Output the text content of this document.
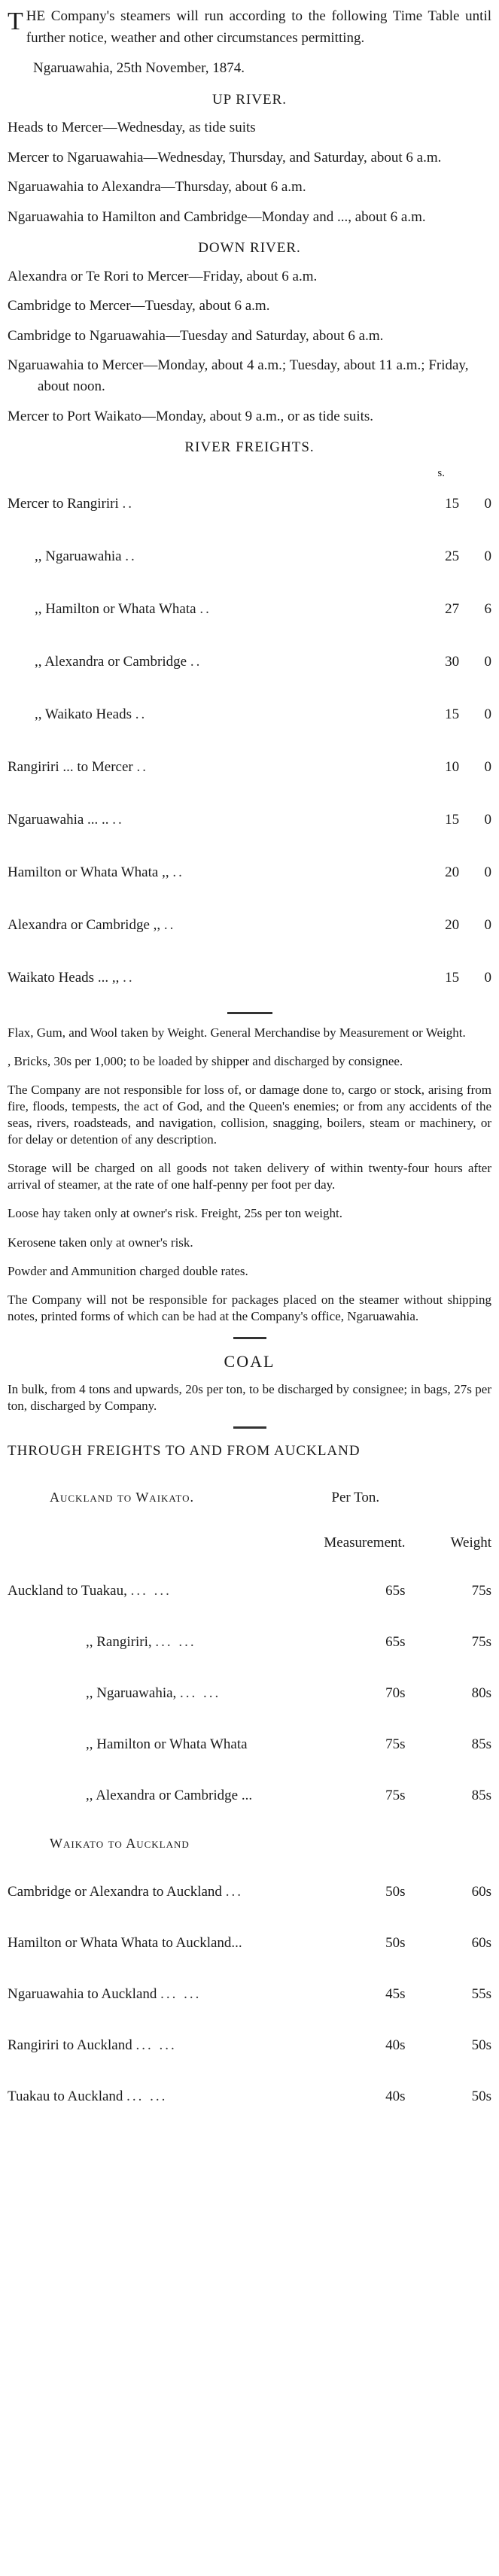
T HE Company's steamers will run according to the following Time Table until further notice, weather and other circumstances permitting.

Ngaruawahia, 25th November, 1874.

UP RIVER.

Heads to Mercer—Wednesday, as tide suits

Mercer to Ngaruawahia—Wednesday, Thursday, and Saturday, about 6 a.m.

Ngaruawahia to Alexandra—Thursday, about 6 a.m.

Ngaruawahia to Hamilton and Cambridge—Monday and ..., about 6 a.m.

DOWN RIVER.

Alexandra or Te Rori to Mercer—Friday, about 6 a.m.

Cambridge to Mercer—Tuesday, about 6 a.m.

Cambridge to Ngaruawahia—Tuesday and Saturday, about 6 a.m.

Ngaruawahia to Mercer—Monday, about 4 a.m.; Tuesday, about 11 a.m.; Friday, about noon.

Mercer to Port Waikato—Monday, about 9 a.m., or as tide suits.

RIVER FREIGHTS.
s.
Mercer to Rangiriri ..	15	0
,, Ngaruawahia ..	25	0
,, Hamilton or Whata Whata ..	27	6
,, Alexandra or Cambridge ..	30	0
,, Waikato Heads ..	15	0
Rangiriri ... to Mercer ..	10	0
Ngaruawahia ... .. ..	15	0
Hamilton or Whata Whata ,, ..	20	0
Alexandra or Cambridge ,, ..	20	0
Waikato Heads ... ,, ..	15	0

Flax, Gum, and Wool taken by Weight. General Merchandise by Measurement or Weight.

, Bricks, 30s per 1,000; to be loaded by shipper and discharged by consignee.

The Company are not responsible for loss of, or damage done to, cargo or stock, arising from fire, floods, tempests, the act of God, and the Queen's enemies; or from any accidents of the seas, rivers, roadsteads, and navigation, collision, snagging, boilers, steam or machinery, or for delay or detention of any description.

Storage will be charged on all goods not taken delivery of within twenty-four hours after arrival of steamer, at the rate of one half-penny per foot per day.

Loose hay taken only at owner's risk. Freight, 25s per ton weight.

Kerosene taken only at owner's risk.

Powder and Ammunition charged double rates.

The Company will not be responsible for packages placed on the steamer without shipping notes, printed forms of which can be had at the Company's office, Ngaruawahia.

COAL

In bulk, from 4 tons and upwards, 20s per ton, to be discharged by consignee; in bags, 27s per ton, discharged by Company.

THROUGH FREIGHTS TO AND FROM AUCKLAND
Auckland to Waikato.	Per Ton.	
	Measurement.	Weight
Auckland to Tuakau, ... ...	65s	75s
,, Rangiriri, ... ...	65s	75s
,, Ngaruawahia, ... ...	70s	80s
,, Hamilton or Whata Whata	75s	85s
,, Alexandra or Cambridge ...	75s	85s
Waikato to Auckland		
Cambridge or Alexandra to Auckland ...	50s	60s
Hamilton or Whata Whata to Auckland...	50s	60s
Ngaruawahia to Auckland ... ...	45s	55s
Rangiriri to Auckland ... ...	40s	50s
Tuakau to Auckland ... ...	40s	50s
